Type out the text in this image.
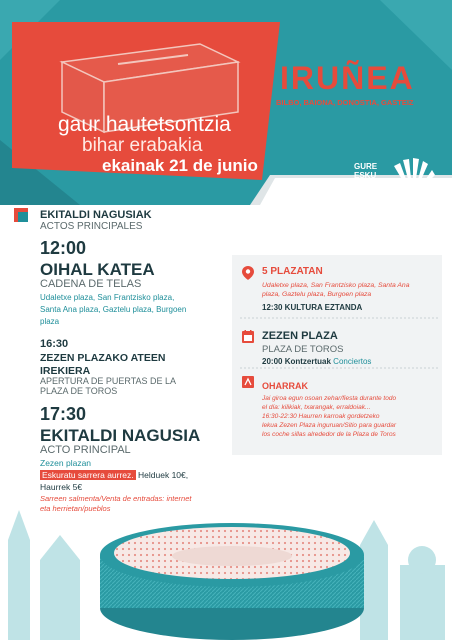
gaur hautetsontzia

bihar erabakia

ekainak 21 de junio

IRUÑEA

BILBO, BAIONA, DONOSTIA, GASTEIZ

GURE
ESKU
DAGO

EKITALDI NAGUSIAK

ACTOS PRINCIPALES

12:00

OIHAL KATEA

CADENA DE TELAS

Udaletxe plaza, San Frantzisko plaza,
Santa Ana plaza, Gaztelu plaza, Burgoen
plaza

16:30

ZEZEN PLAZAKO ATEEN
IREKIERA
APERTURA DE PUERTAS DE LA
PLAZA DE TOROS

17:30

EKITALDI NAGUSIA

ACTO PRINCIPAL

Zezen plazan

Eskuratu sarrera aurrez. Helduek 10€,

Haurrek 5€

Sarreen salmenta/Venta de entradas: internet
eta herrietan/pueblos

5 PLAZATAN

Udaletxe plaza, San Frantzisko plaza, Santa Ana
plaza, Gaztelu plaza, Burgoen plaza

12:30 KULTURA EZTANDA

ZEZEN PLAZA

PLAZA DE TOROS

20:00 Kontzertuak Conciertos

OHARRAK

Jai giroa egun osoan zehar/fiesta durante todo
el día: kilikiak, txarangak, erraldoiak...
16:30-22:30 Haurren karroak gordetzeko
lekua Zezen Plaza inguruan/Sitio para guardar
los coche sillas alrededor de la Plaza de Toros
